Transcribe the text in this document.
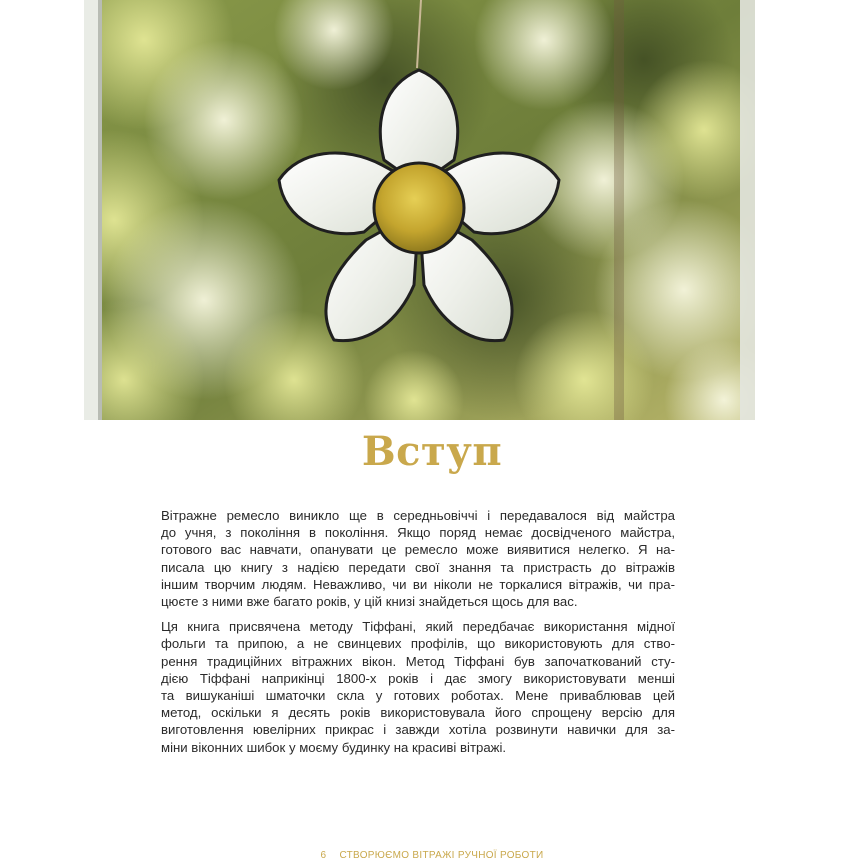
Вступ
Вітражне ремесло виникло ще в середньовіччі і передавалося від майстра
до учня, з покоління в покоління. Якщо поряд немає досвідченого майстра,
готового вас навчати, опанувати це ремесло може виявитися нелегко. Я на-
писала цю книгу з надією передати свої знання та пристрасть до вітражів
іншим творчим людям. Неважливо, чи ви ніколи не торкалися вітражів, чи пра-
цюєте з ними вже багато років, у цій книзі знайдеться щось для вас.
Ця книга присвячена методу Тіффані, який передбачає використання мідної
фольги та припою, а не свинцевих профілів, що використовують для ство-
рення традиційних вітражних вікон. Метод Тіффані був започаткований сту-
дією Тіффані наприкінці 1800-х років і дає змогу використовувати менші
та вишуканіші шматочки скла у готових роботах. Мене приваблював цей
метод, оскільки я десять років використовувала його спрощену версію для
виготовлення ювелірних прикрас і завжди хотіла розвинути навички для за-
міни віконних шибок у моєму будинку на красиві вітражі.
6 СТВОРЮЄМО ВІТРАЖІ РУЧНОЇ РОБОТИ
